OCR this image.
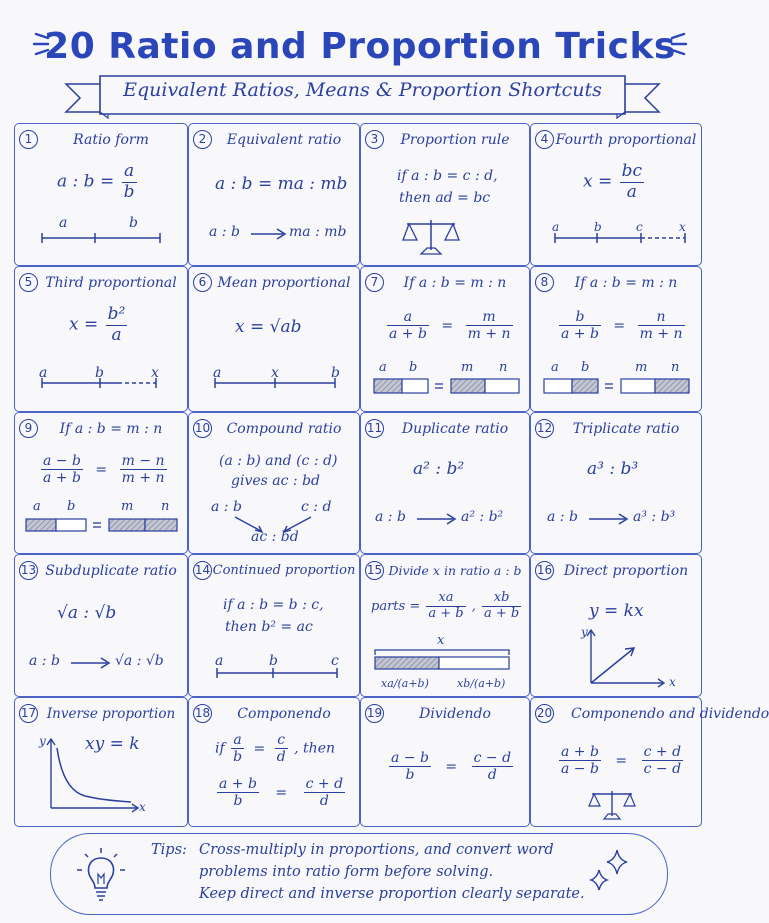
20 Ratio and Proportion Tricks
Equivalent Ratios, Means & Proportion Shortcuts
1	Ratio form
a : $b = \frac{a}{b}$
a	b
2	Equivalent ratio
a : b = ma : mb
a : b	ma : mb
3	Proportion rule
if a : b = c : d,
then ad = bc
4 Fourth proportional
$x = \frac{bc}{a}$
a	b	c	x
5 Third proportional
$x = \frac{\text{b²}}{a}$
a	b	x
6 Mean proportional
x = √ab
a	x	b
7	If a : b = m : n
$\frac{a}{a + b} = \frac{m}{m + n}$
a b	m n
8	If a : b = m : n
$\frac{b}{a + b} = \frac{n}{m + n}$
a b	m n
9	If a : b = m : n
$\frac{a - b}{a + b} = \frac{m - n}{m + n}$
a b	m n
10	Compound ratio
(a : b) and (c : d)
gives ac : bd
a : b	c : d
ac : bd
11	Duplicate ratio
a² : b²
a : b	a² : b²
12	Triplicate ratio
a³ : b³
a : b	a³ : b³
13 Subduplicate ratio
√a : √b
a : b	√a : √b
14 Continued proportion
if a : b = b : c,
then b² = ac
a	b	c
15 Divide x in ratio a : b
parts = $\frac{xa}{a + b}$ , $\frac{xb}{a + b}$
x
xa/(a+b)	xb/(a+b)
16 Direct proportion
y = kx
y
x
17 Inverse proportion
xy = k
y
x
18	Componendo
if $\frac{a}{b} = \frac{c}{d}$ , then
$\frac{a + b}{b} = \frac{c + d}{d}$
19	Dividendo
$\frac{a - b}{b} = \frac{c - d}{d}$
20 Componendo and dividendo
$\frac{a + b}{a - b} = \frac{c + d}{c - d}$
Tips: Cross-multiply in proportions, and convert word
problems into ratio form before solving.
Keep direct and inverse proportion clearly separate.
